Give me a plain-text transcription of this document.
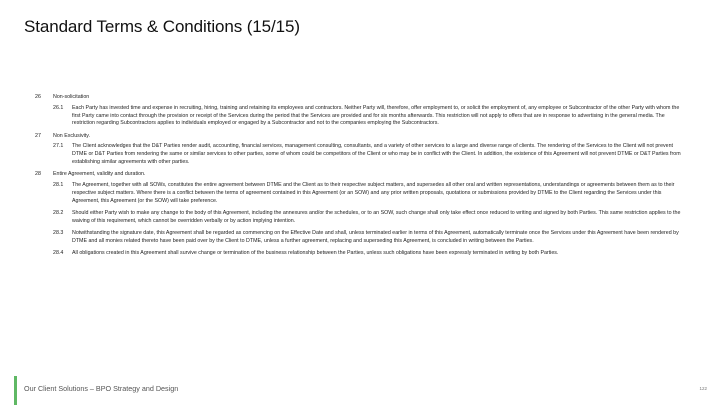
Standard Terms & Conditions (15/15)
26	Non-solicitation
26.1	Each Party has invested time and expense in recruiting, hiring, training and retaining its employees and contractors. Neither Party will, therefore, offer employment to, or solicit the employment of, any employee or Subcontractor of the other Party with whom the first Party came into contact through the provision or receipt of the Services during the period that the Services are provided and for six months afterwards. This restriction will not apply to offers that are in response to advertising in the general media. The restriction regarding Subcontractors applies to individuals employed or engaged by a Subcontractor and not to the companies employing the Subcontractors.
27	Non Exclusivity.
27.1	The Client acknowledges that the D&T Parties render audit, accounting, financial services, management consulting, consultants, and a variety of other services to a large and diverse range of clients. The rendering of the Services to the Client will not prevent DTME or D&T Parties from rendering the same or similar services to other parties, some of whom could be competitors of the Client or who may be in conflict with the Client. In addition, the existence of this Agreement will not prevent DTME or D&T Parties from establishing similar agreements with other parties.
28	Entire Agreement, validity and duration.
28.1	The Agreement, together with all SOWs, constitutes the entire agreement between DTME and the Client as to their respective subject matters, and supersedes all other oral and written representations, understandings or agreements between them as to their respective subject matters. Where there is a conflict between the terms of agreement contained in this Agreement (or an SOW) and any prior written proposals, quotations or submissions provided by DTME to the Client regarding the Services under this Agreement, this Agreement (or the SOW) will take preference.
28.2	Should either Party wish to make any change to the body of this Agreement, including the annexures and/or the schedules, or to an SOW, such change shall only take effect once reduced to writing and signed by both Parties. This same restriction applies to the waiving of this requirement, which cannot be overridden verbally or by action implying intention.
28.3	Notwithstanding the signature date, this Agreement shall be regarded as commencing on the Effective Date and shall, unless terminated earlier in terms of this Agreement, automatically terminate once the Services under this Agreement have been rendered by DTME and all monies related thereto have been paid over by the Client to DTME, unless a further agreement, replacing and superseding this Agreement, is concluded in writing between the Parties.
28.4	All obligations created in this Agreement shall survive change or termination of the business relationship between the Parties, unless such obligations have been expressly terminated in writing by both Parties.
Our Client Solutions – BPO Strategy and Design	122
